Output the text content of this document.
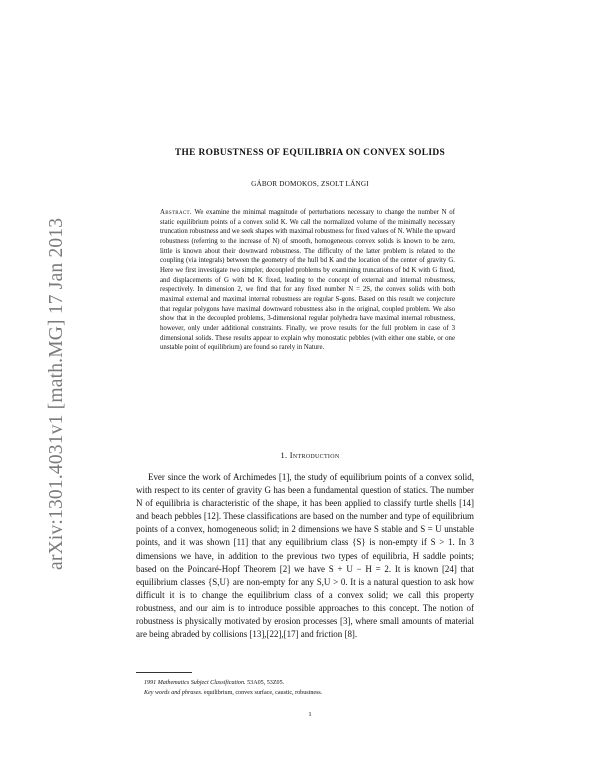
arXiv:1301.4031v1 [math.MG] 17 Jan 2013
THE ROBUSTNESS OF EQUILIBRIA ON CONVEX SOLIDS
GÁBOR DOMOKOS, ZSOLT LÁNGI
Abstract. We examine the minimal magnitude of perturbations necessary to change the number N of static equilibrium points of a convex solid K. We call the normalized volume of the minimally necessary truncation robustness and we seek shapes with maximal robustness for fixed values of N. While the upward robustness (referring to the increase of N) of smooth, homogeneous convex solids is known to be zero, little is known about their downward robustness. The difficulty of the latter problem is related to the coupling (via integrals) between the geometry of the hull bd K and the location of the center of gravity G. Here we first investigate two simpler, decoupled problems by examining truncations of bd K with G fixed, and displacements of G with bd K fixed, leading to the concept of external and internal robustness, respectively. In dimension 2, we find that for any fixed number N = 2S, the convex solids with both maximal external and maximal internal robustness are regular S-gons. Based on this result we conjecture that regular polygons have maximal downward robustness also in the original, coupled problem. We also show that in the decoupled problems, 3-dimensional regular polyhedra have maximal internal robustness, however, only under additional constraints. Finally, we prove results for the full problem in case of 3 dimensional solids. These results appear to explain why monostatic pebbles (with either one stable, or one unstable point of equilibrium) are found so rarely in Nature.
1. Introduction
Ever since the work of Archimedes [1], the study of equilibrium points of a convex solid, with respect to its center of gravity G has been a fundamental question of statics. The number N of equilibria is characteristic of the shape, it has been applied to classify turtle shells [14] and beach pebbles [12]. These classifications are based on the number and type of equilibrium points of a convex, homogeneous solid; in 2 dimensions we have S stable and S = U unstable points, and it was shown [11] that any equilibrium class {S} is non-empty if S > 1. In 3 dimensions we have, in addition to the previous two types of equilibria, H saddle points; based on the Poincaré-Hopf Theorem [2] we have S + U − H = 2. It is known [24] that equilibrium classes {S,U} are non-empty for any S,U > 0. It is a natural question to ask how difficult it is to change the equilibrium class of a convex solid; we call this property robustness, and our aim is to introduce possible approaches to this concept. The notion of robustness is physically motivated by erosion processes [3], where small amounts of material are being abraded by collisions [13],[22],[17] and friction [8].
1991 Mathematics Subject Classification. 53A05, 53Z05.
Key words and phrases. equilibrium, convex surface, caustic, robustness.
1
